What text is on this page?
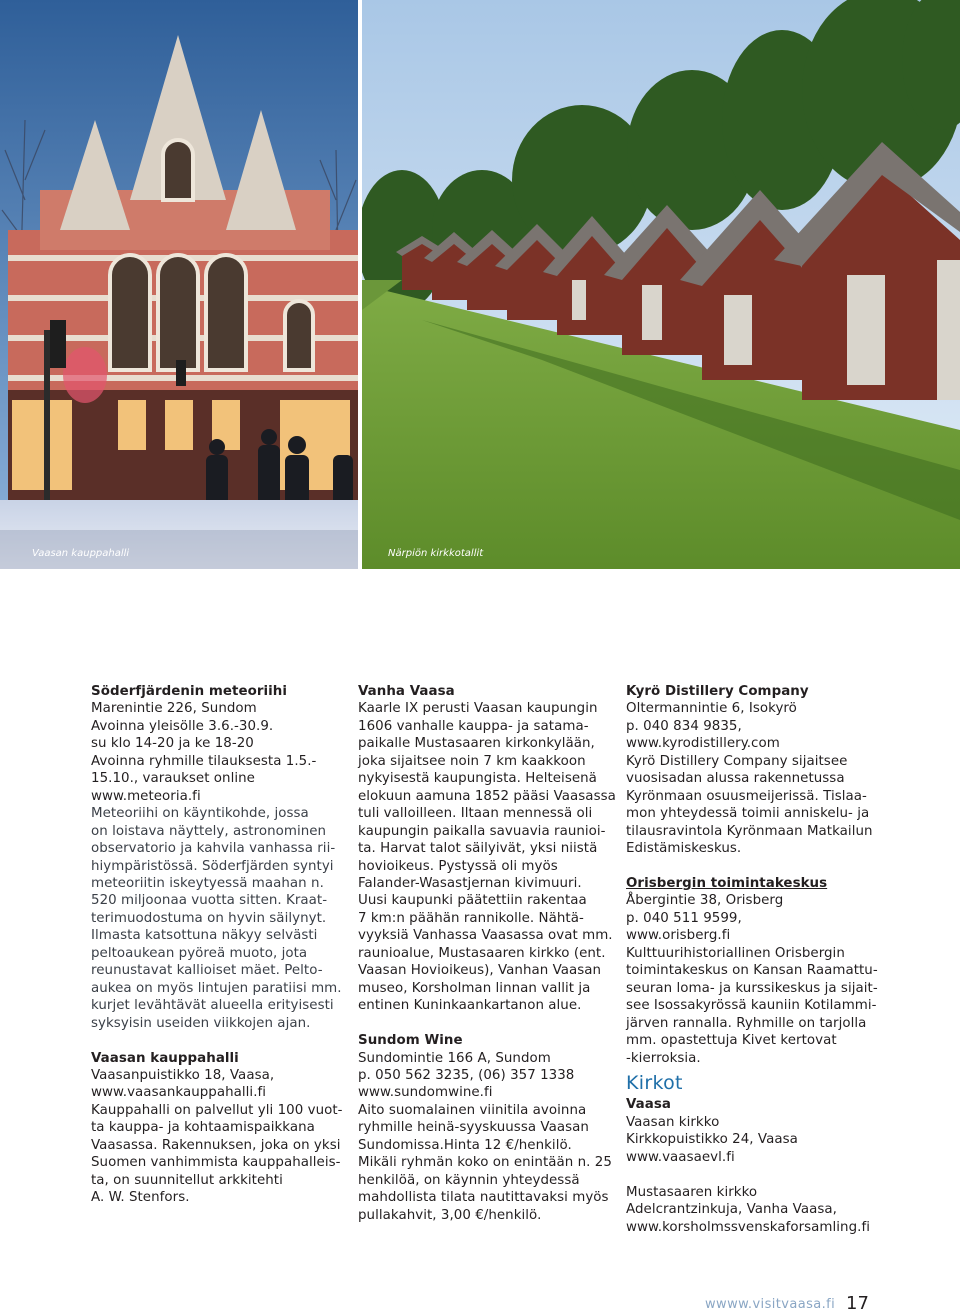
Vaasan kauppahalli	Närpiön kirkkotallit
Söderfjärdenin meteoriihi
Marenintie 226, Sundom
Avoinna yleisölle 3.6.-30.9.
su klo 14-20 ja ke 18-20
Avoinna ryhmille tilauksesta 1.5.-
15.10., varaukset online
www.meteoria.fi
Meteoriihi on käyntikohde, jossa
on loistava näyttely, astronominen
observatorio ja kahvila vanhassa rii-
hiympäristössä. Söderfjärden syntyi
meteoriitin iskeytyessä maahan n.
520 miljoonaa vuotta sitten. Kraat-
terimuodostuma on hyvin säilynyt.
Ilmasta katsottuna näkyy selvästi
peltoaukean pyöreä muoto, jota
reunustavat kallioiset mäet. Pelto-
aukea on myös lintujen paratiisi mm.
kurjet levähtävät alueella erityisesti
syksyisin useiden viikkojen ajan.
Vaasan kauppahalli
Vaasanpuistikko 18, Vaasa,
www.vaasankauppahalli.fi
Kauppahalli on palvellut yli 100 vuot-
ta kauppa- ja kohtaamispaikkana
Vaasassa. Rakennuksen, joka on yksi
Suomen vanhimmista kauppahalleis-
ta, on suunnitellut arkkitehti
A. W. Stenfors.
Vanha Vaasa
Kaarle IX perusti Vaasan kaupungin
1606 vanhalle kauppa- ja satama-
paikalle Mustasaaren kirkonkylään,
joka sijaitsee noin 7 km kaakkoon
nykyisestä kaupungista. Helteisenä
elokuun aamuna 1852 pääsi Vaasassa
tuli valloilleen. Iltaan mennessä oli
kaupungin paikalla savuavia raunioi-
ta. Harvat talot säilyivät, yksi niistä
hovioikeus. Pystyssä oli myös
Falander-Wasastjernan kivimuuri.
Uusi kaupunki päätettiin rakentaa
7 km:n päähän rannikolle. Nähtä-
vyyksiä Vanhassa Vaasassa ovat mm.
raunioalue, Mustasaaren kirkko (ent.
Vaasan Hovioikeus), Vanhan Vaasan
museo, Korsholman linnan vallit ja
entinen Kuninkaankartanon alue.
Sundom Wine
Sundomintie 166 A, Sundom
p. 050 562 3235, (06) 357 1338
www.sundomwine.fi
Aito suomalainen viinitila avoinna
ryhmille heinä-syyskuussa Vaasan
Sundomissa.Hinta 12 €/henkilö.
Mikäli ryhmän koko on enintään n. 25
henkilöä, on käynnin yhteydessä
mahdollista tilata nautittavaksi myös
pullakahvit, 3,00 €/henkilö.
Kyrö Distillery Company
Oltermannintie 6, Isokyrö
p. 040 834 9835,
www.kyrodistillery.com
Kyrö Distillery Company sijaitsee
vuosisadan alussa rakennetussa
Kyrönmaan osuusmeijerissä. Tislaa-
mon yhteydessä toimii anniskelu- ja
tilausravintola Kyrönmaan Matkailun
Edistämiskeskus.
Orisbergin toimintakeskus
Åbergintie 38, Orisberg
p. 040 511 9599,
www.orisberg.fi
Kulttuurihistoriallinen Orisbergin
toimintakeskus on Kansan Raamattu-
seuran loma- ja kurssikeskus ja sijait-
see Isossakyrössä kauniin Kotilammi-
järven rannalla. Ryhmille on tarjolla
mm. opastettuja Kivet kertovat
-kierroksia.
Kirkot
Vaasa
Vaasan kirkko
Kirkkopuistikko 24, Vaasa
www.vaasaevl.fi
Mustasaaren kirkko
Adelcrantzinkuja, Vanha Vaasa,
www.korsholmssvenskaforsamling.fi
wwww.visitvaasa.fi 17
